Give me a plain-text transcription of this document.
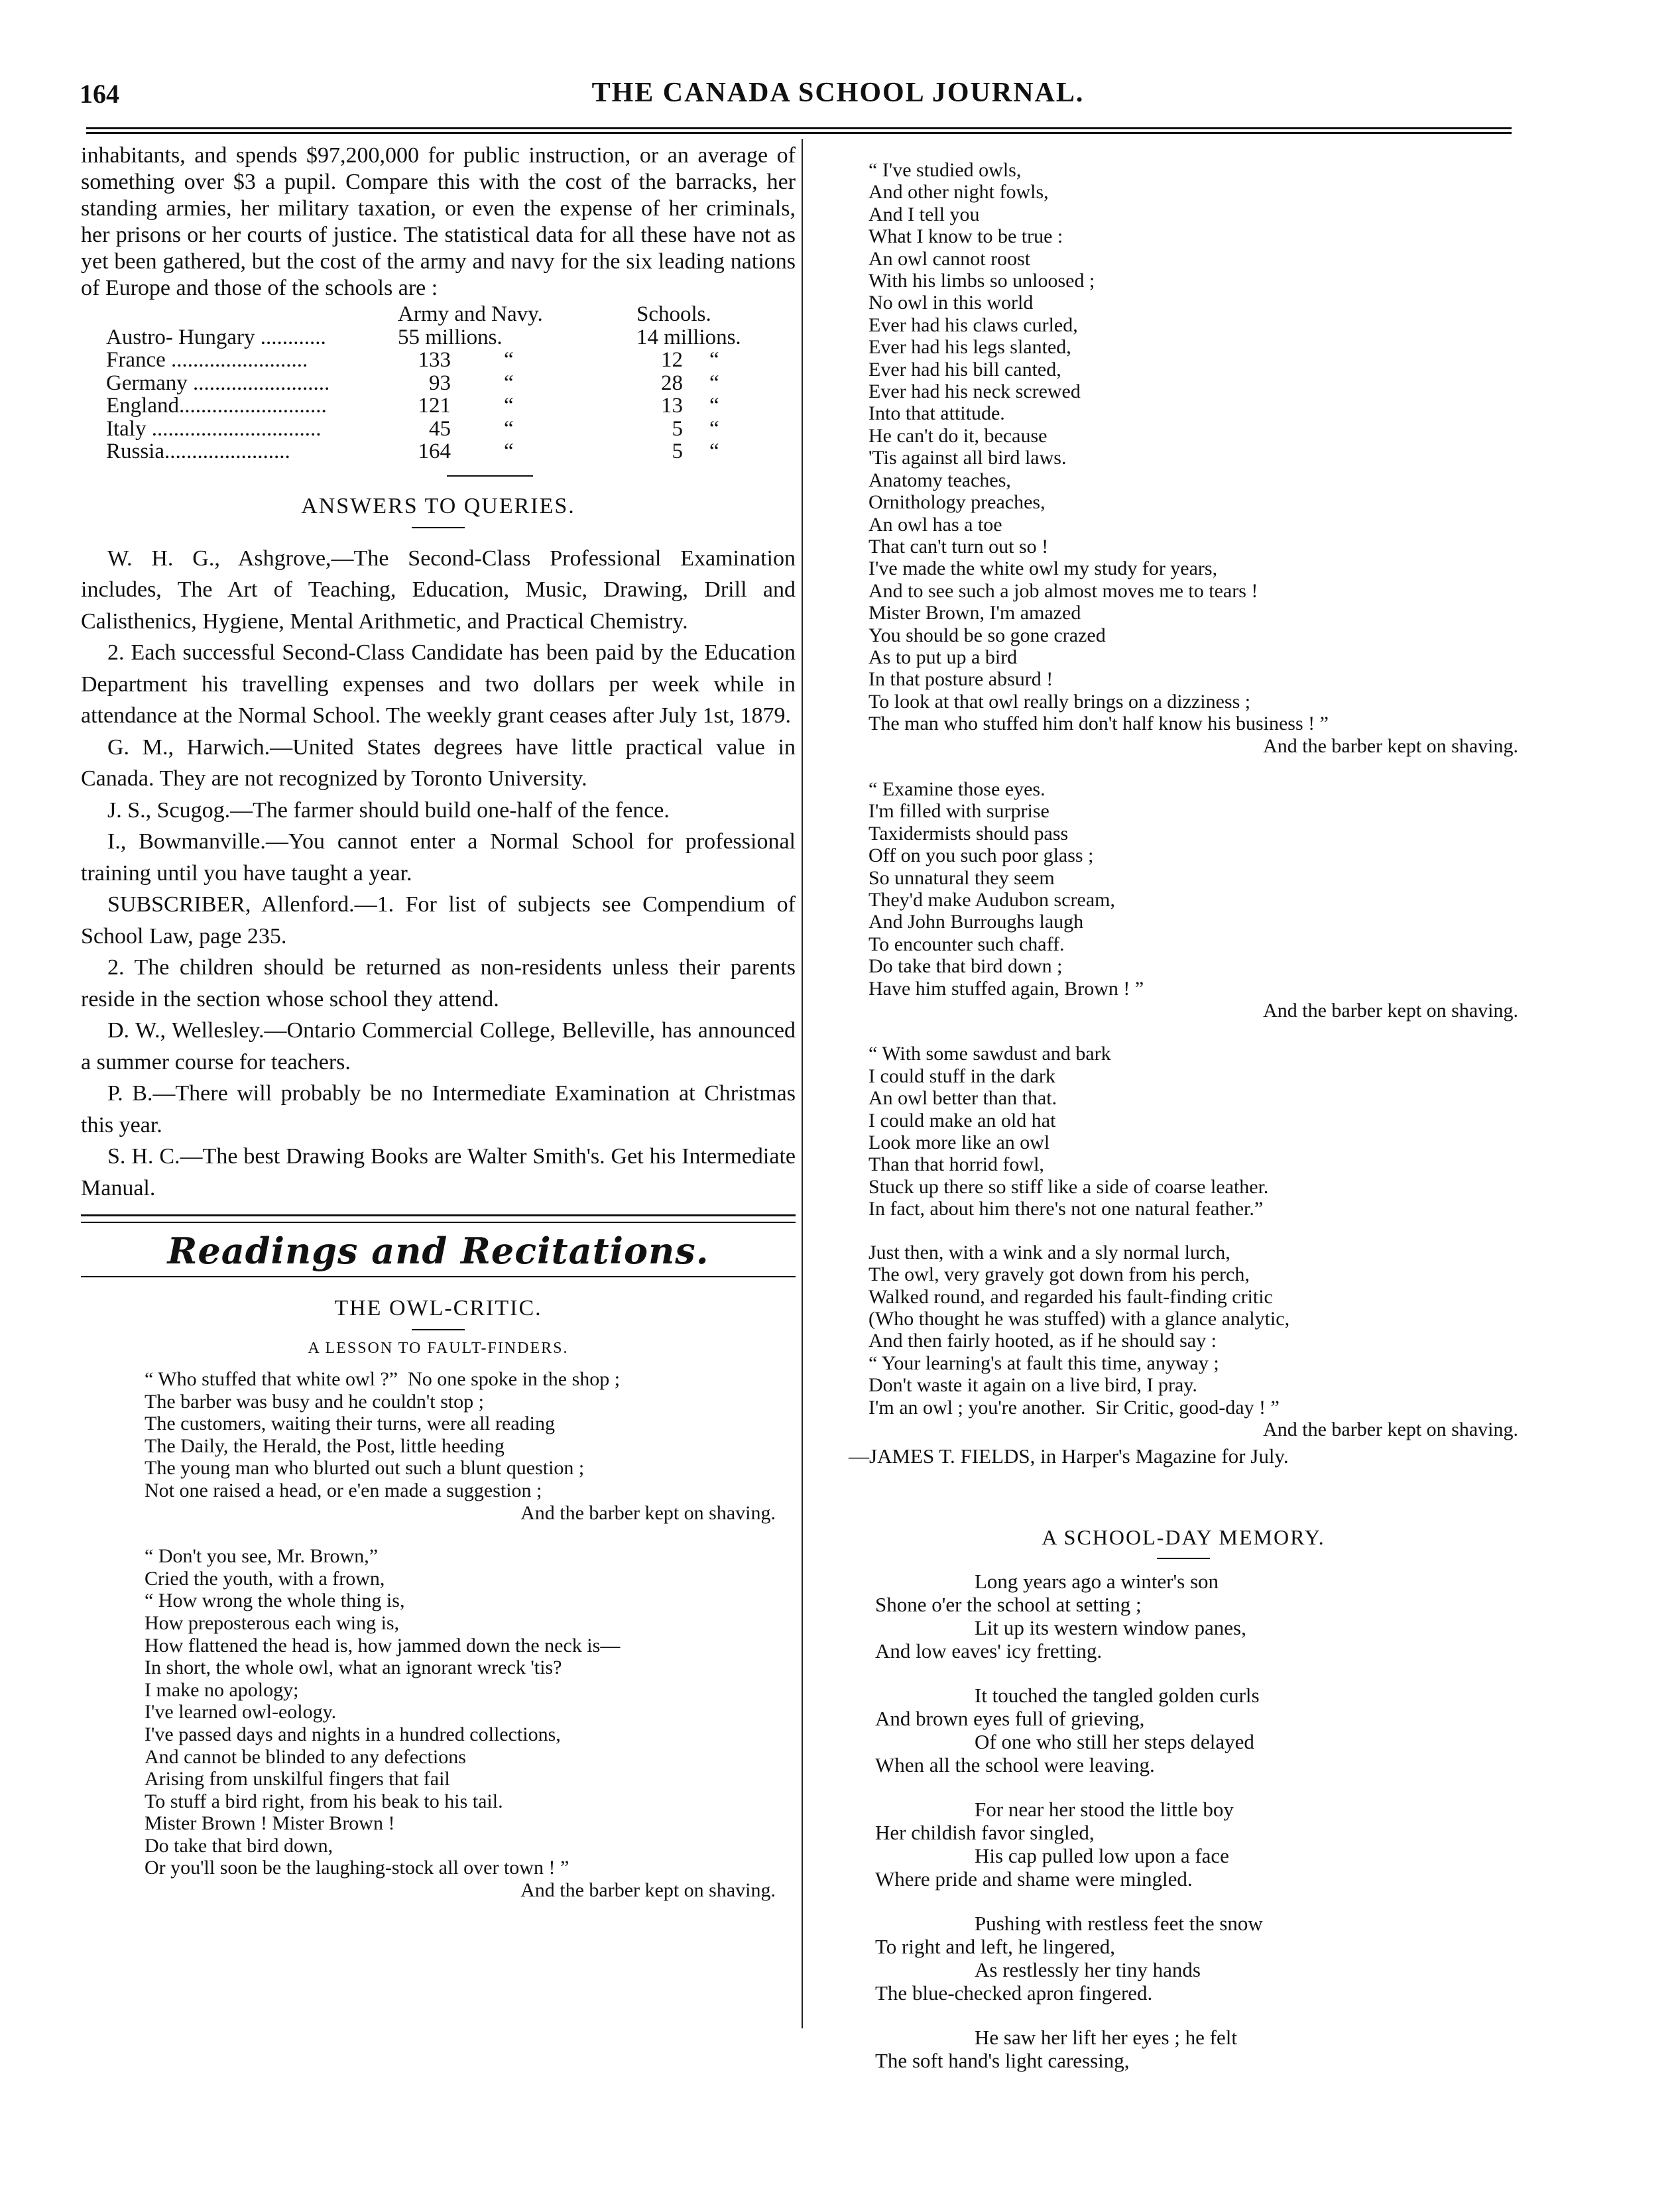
164	THE CANADA SCHOOL JOURNAL.

inhabitants, and spends $97,200,000 for public instruction, or an average of something over $3 a pupil. Compare this with the cost of the barracks, her standing armies, her military taxation, or even the expense of her criminals, her prisons or her courts of justice. The statistical data for all these have not as yet been gathered, but the cost of the army and navy for the six leading nations of Europe and those of the schools are :

	Army and Navy.			Schools.	
Austro- Hungary ............	55 millions.			14 millions.	
France .........................	133	“		12	“
Germany .........................	93	“		28	“
England...........................	121	“		13	“
Italy ...............................	45	“		5	“
Russia.......................	164	“		5	“
ANSWERS TO QUERIES.

W. H. G., Ashgrove,—The Second-Class Professional Examination includes, The Art of Teaching, Education, Music, Drawing, Drill and Calisthenics, Hygiene, Mental Arithmetic, and Practical Chemistry.

2. Each successful Second-Class Candidate has been paid by the Education Department his travelling expenses and two dollars per week while in attendance at the Normal School. The weekly grant ceases after July 1st, 1879.

G. M., Harwich.—United States degrees have little practical value in Canada. They are not recognized by Toronto University.

J. S., Scugog.—The farmer should build one-half of the fence.

I., Bowmanville.—You cannot enter a Normal School for professional training until you have taught a year.

SUBSCRIBER, Allenford.—1. For list of subjects see Compendium of School Law, page 235.

2. The children should be returned as non-residents unless their parents reside in the section whose school they attend.

D. W., Wellesley.—Ontario Commercial College, Belleville, has announced a summer course for teachers.

P. B.—There will probably be no Intermediate Examination at Christmas this year.

S. H. C.—The best Drawing Books are Walter Smith's. Get his Intermediate Manual.

Readings and Recitations.
THE OWL-CRITIC.
A LESSON TO FAULT-FINDERS.
“ Who stuffed that white owl ?”  No one spoke in the shop ;
The barber was busy and he couldn't stop ;
The customers, waiting their turns, were all reading
The Daily, the Herald, the Post, little heeding
The young man who blurted out such a blunt question ;
Not one raised a head, or e'en made a suggestion ;
And the barber kept on shaving.
“ Don't you see, Mr. Brown,”
Cried the youth, with a frown,
“ How wrong the whole thing is,
How preposterous each wing is,
How flattened the head is, how jammed down the neck is—
In short, the whole owl, what an ignorant wreck 'tis?
I make no apology;
I've learned owl-eology.
I've passed days and nights in a hundred collections,
And cannot be blinded to any defections
Arising from unskilful fingers that fail
To stuff a bird right, from his beak to his tail.
Mister Brown ! Mister Brown !
Do take that bird down,
Or you'll soon be the laughing-stock all over town ! ”
And the barber kept on shaving.
“ I've studied owls,
And other night fowls,
And I tell you
What I know to be true :
An owl cannot roost
With his limbs so unloosed ;
No owl in this world
Ever had his claws curled,
Ever had his legs slanted,
Ever had his bill canted,
Ever had his neck screwed
Into that attitude.
He can't do it, because
'Tis against all bird laws.
Anatomy teaches,
Ornithology preaches,
An owl has a toe
That can't turn out so !
I've made the white owl my study for years,
And to see such a job almost moves me to tears !
Mister Brown, I'm amazed
You should be so gone crazed
As to put up a bird
In that posture absurd !
To look at that owl really brings on a dizziness ;
The man who stuffed him don't half know his business ! ”
And the barber kept on shaving.
“ Examine those eyes.
I'm filled with surprise
Taxidermists should pass
Off on you such poor glass ;
So unnatural they seem
They'd make Audubon scream,
And John Burroughs laugh
To encounter such chaff.
Do take that bird down ;
Have him stuffed again, Brown ! ”
And the barber kept on shaving.
“ With some sawdust and bark
I could stuff in the dark
An owl better than that.
I could make an old hat
Look more like an owl
Than that horrid fowl,
Stuck up there so stiff like a side of coarse leather.
In fact, about him there's not one natural feather.”
Just then, with a wink and a sly normal lurch,
The owl, very gravely got down from his perch,
Walked round, and regarded his fault-finding critic
(Who thought he was stuffed) with a glance analytic,
And then fairly hooted, as if he should say :
“ Your learning's at fault this time, anyway ;
Don't waste it again on a live bird, I pray.
I'm an owl ; you're another.  Sir Critic, good-day ! ”
And the barber kept on shaving.
—JAMES T. FIELDS, in Harper's Magazine for July.
A SCHOOL-DAY MEMORY.
Long years ago a winter's son
Shone o'er the school at setting ;
Lit up its western window panes,
And low eaves' icy fretting.
It touched the tangled golden curls
And brown eyes full of grieving,
Of one who still her steps delayed
When all the school were leaving.
For near her stood the little boy
Her childish favor singled,
His cap pulled low upon a face
Where pride and shame were mingled.
Pushing with restless feet the snow
To right and left, he lingered,
As restlessly her tiny hands
The blue-checked apron fingered.
He saw her lift her eyes ; he felt
The soft hand's light caressing,
